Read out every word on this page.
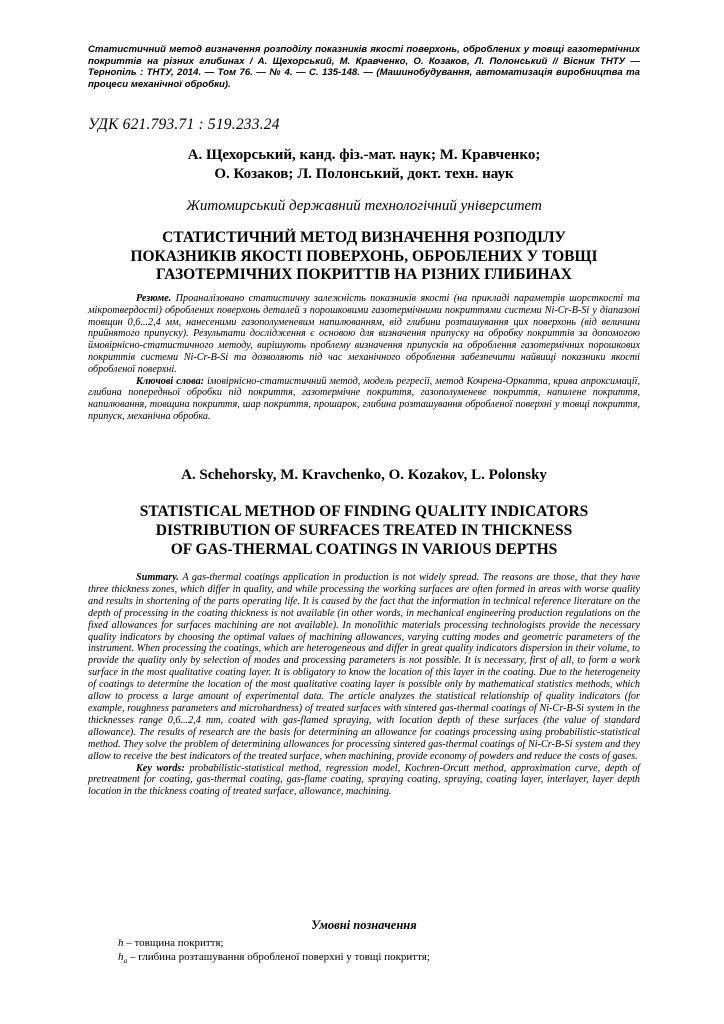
Статистичний метод визначення розподілу показників якості поверхонь, оброблених у товщі газотермічних покриттів на різних глибинах / А. Щехорський, М. Кравченко, О. Козаков, Л. Полонський // Вісник ТНТУ — Тернопіль : ТНТУ, 2014. — Том 76. — № 4. — С. 135-148. — (Машинобудування, автоматизація виробництва та процеси механічної обробки).
УДК 621.793.71 : 519.233.24
А. Щехорський, канд. фіз.-мат. наук; М. Кравченко;
О. Козаков; Л. Полонський, докт. техн. наук
Житомирський державний технологічний університет
СТАТИСТИЧНИЙ МЕТОД ВИЗНАЧЕННЯ РОЗПОДІЛУ
ПОКАЗНИКІВ ЯКОСТІ ПОВЕРХОНЬ, ОБРОБЛЕНИХ У ТОВЩІ
ГАЗОТЕРМІЧНИХ ПОКРИТТІВ НА РІЗНИХ ГЛИБИНАХ

Резюме. Проаналізовано статистичну залежність показників якості (на прикладі параметрів шорсткості та мікротвердості) оброблених поверхонь деталей з порошковими газотермічними покриттями системи Ni-Cr-B-Si у діапазоні товщин 0,6...2,4 мм, нанесеними газополуменевим напилюванням, від глибини розташування цих поверхонь (від величини прийнятого припуску). Результати дослідження є основою для визначення припуску на обробку покриттів за допомогою ймовірнісно-статистичного методу, вирішують проблему визначення припусків на оброблення газотермічних порошкових покриттів системи Ni-Cr-B-Si та дозволяють під час механічного оброблення забезпечити найвищі показники якості обробленої поверхні.

Ключові слова: імовірнісно-статистичний метод, модель регресії, метод Кочрена-Оркатта, крива апроксимації, глибина попередньої обробки під покриття, газотермічне покриття, газополуменеве покриття, напилене покриття, напилювання, товщина покриття, шар покриття, прошарок, глибина розташування обробленої поверхні у товщі покриття, припуск, механічна обробка.

A. Schehorsky, M. Kravchenko, O. Kozakov, L. Polonsky
STATISTICAL METHOD OF FINDING QUALITY INDICATORS
DISTRIBUTION OF SURFACES TREATED IN THICKNESS
OF GAS-THERMAL COATINGS IN VARIOUS DEPTHS

Summary. A gas-thermal coatings application in production is not widely spread. The reasons are those, that they have three thickness zones, which differ in quality, and while processing the working surfaces are often formed in areas with worse quality and results in shortening of the parts operating life. It is caused by the fact that the information in technical reference literature on the depth of processing in the coating thickness is not available (in other words, in mechanical engineering production regulations on the fixed allowances for surfaces machining are not available). In monolithic materials processing technologists provide the necessary quality indicators by choosing the optimal values of machining allowances, varying cutting modes and geometric parameters of the instrument. When processing the coatings, which are heterogeneous and differ in great quality indicators dispersion in their volume, to provide the quality only by selection of modes and processing parameters is not possible. It is necessary, first of all, to form a work surface in the most qualitative coating layer. It is obligatory to know the location of this layer in the coating. Due to the heterogeneity of coatings to determine the location of the most qualitative coating layer is possible only by mathematical statistics methods, which allow to process a large amount of experimental data. The article analyzes the statistical relationship of quality indicators (for example, roughness parameters and microhardness) of treated surfaces with sintered gas-thermal coatings of Ni-Cr-B-Si system in the thicknesses range 0,6...2,4 mm, coated with gas-flamed spraying, with location depth of these surfaces (the value of standard allowance). The results of research are the basis for determining an allowance for coatings processing using probabilistic-statistical method. They solve the problem of determining allowances for processing sintered gas-thermal coatings of Ni-Cr-B-Si system and they allow to receive the best indicators of the treated surface, when machining, provide economy of powders and reduce the costs of gases.

Key words: probabilistic-statistical method, regression model, Kochren-Orcutt method, approximation curve, depth of pretreatment for coating, gas-thermal coating, gas-flame coating, spraying coating, spraying, coating layer, interlayer, layer depth location in the thickness coating of treated surface, allowance, machining.

Умовні позначення
h – товщина покриття;
$h_a$ – глибина розташування обробленої поверхні у товщі покриття;
